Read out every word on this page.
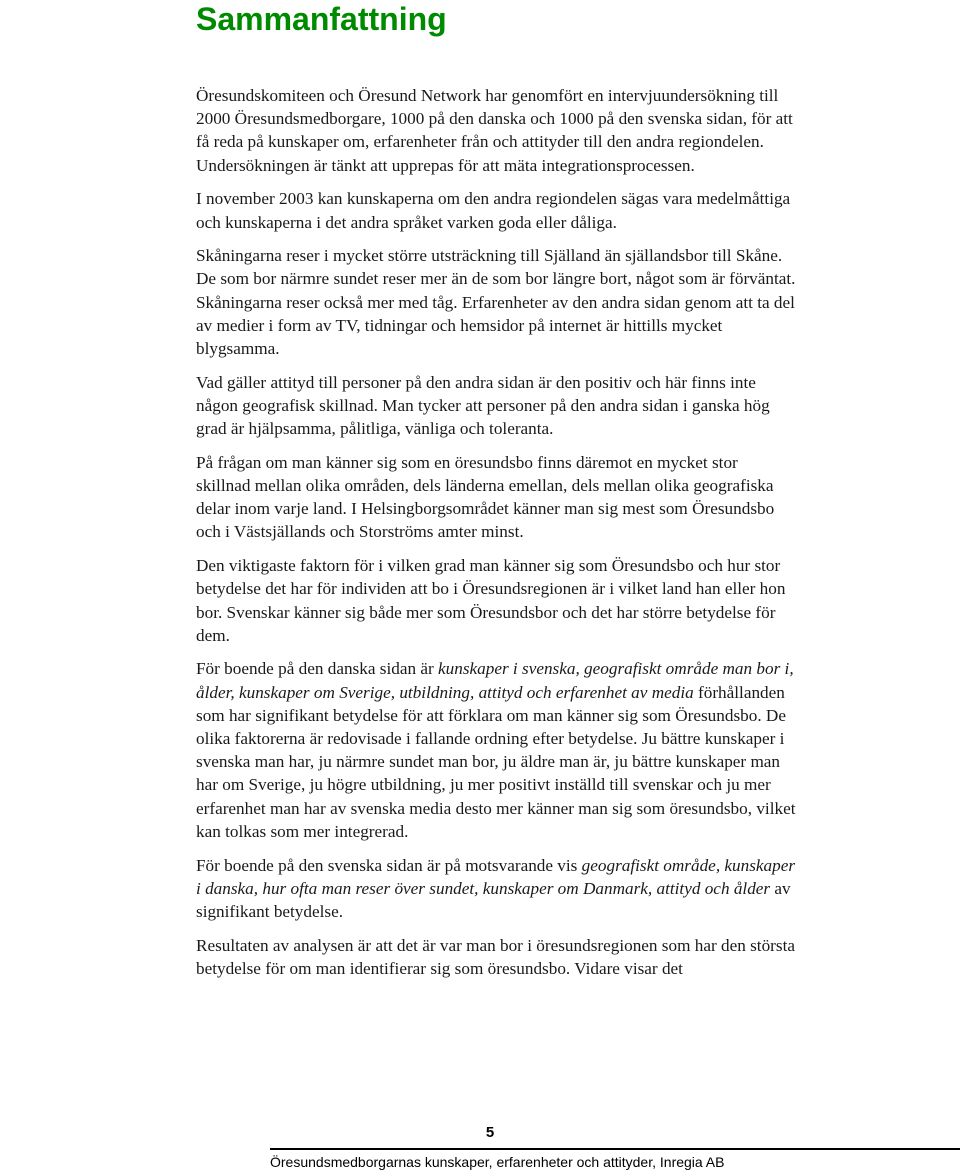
Sammanfattning

Öresundskomiteen och Öresund Network har genomfört en intervjuundersökning till 2000 Öresundsmedborgare, 1000 på den danska och 1000 på den svenska sidan, för att få reda på kunskaper om, erfarenheter från och attityder till den andra regiondelen. Undersökningen är tänkt att upprepas för att mäta integrationsprocessen.

I november 2003 kan kunskaperna om den andra regiondelen sägas vara medelmåttiga och kunskaperna i det andra språket varken goda eller dåliga.

Skåningarna reser i mycket större utsträckning till Själland än själlandsbor till Skåne. De som bor närmre sundet reser mer än de som bor längre bort, något som är förväntat. Skåningarna reser också mer med tåg. Erfarenheter av den andra sidan genom att ta del av medier i form av TV, tidningar och hemsidor på internet är hittills mycket blygsamma.

Vad gäller attityd till personer på den andra sidan är den positiv och här finns inte någon geografisk skillnad. Man tycker att personer på den andra sidan i ganska hög grad är hjälpsamma, pålitliga, vänliga och toleranta.

På frågan om man känner sig som en öresundsbo finns däremot en mycket stor skillnad mellan olika områden, dels länderna emellan, dels mellan olika geografiska delar inom varje land. I Helsingborgsområdet känner man sig mest som Öresundsbo och i Västsjällands och Storströms amter minst.

Den viktigaste faktorn för i vilken grad man känner sig som Öresundsbo och hur stor betydelse det har för individen att bo i Öresundsregionen är i vilket land han eller hon bor. Svenskar känner sig både mer som Öresundsbor och det har större betydelse för dem.

För boende på den danska sidan är kunskaper i svenska, geografiskt område man bor i, ålder, kunskaper om Sverige, utbildning, attityd och erfarenhet av media förhållanden som har signifikant betydelse för att förklara om man känner sig som Öresundsbo. De olika faktorerna är redovisade i fallande ordning efter betydelse. Ju bättre kunskaper i svenska man har, ju närmre sundet man bor, ju äldre man är, ju bättre kunskaper man har om Sverige, ju högre utbildning, ju mer positivt inställd till svenskar och ju mer erfarenhet man har av svenska media desto mer känner man sig som öresundsbo, vilket kan tolkas som mer integrerad.

För boende på den svenska sidan är på motsvarande vis geografiskt område, kunskaper i danska, hur ofta man reser över sundet, kunskaper om Danmark, attityd och ålder av signifikant betydelse.

Resultaten av analysen är att det är var man bor i öresundsregionen som har den största betydelse för om man identifierar sig som öresundsbo. Vidare visar det

5
Öresundsmedborgarnas kunskaper, erfarenheter och attityder, Inregia AB
